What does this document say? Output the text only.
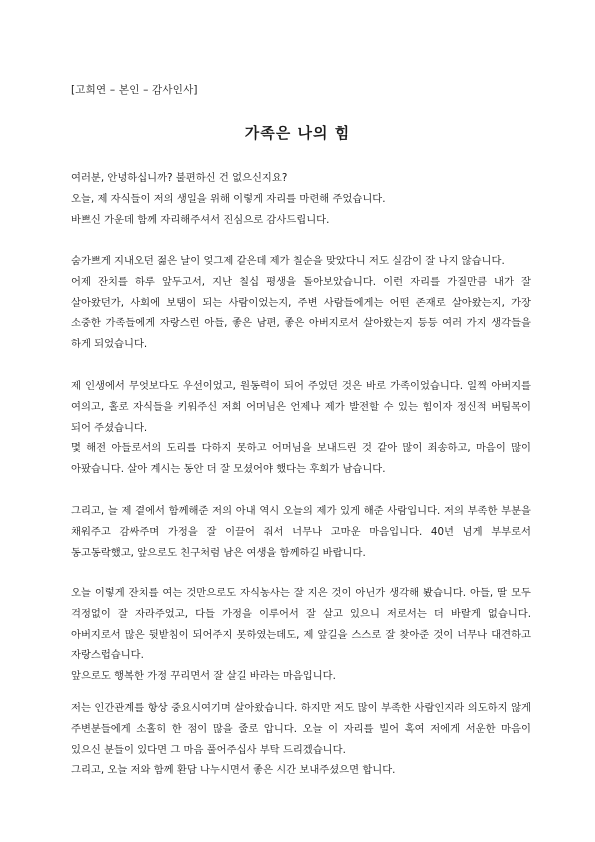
[고희연 – 본인 – 감사인사]
가족은 나의 힘

여러분, 안녕하십니까? 불편하신 건 없으신지요?
오늘, 제 자식들이 저의 생일을 위해 이렇게 자리를 마련해 주었습니다.
바쁘신 가운데 함께 자리해주셔서 진심으로 감사드립니다.

숨가쁘게 지내오던 젊은 날이 엊그제 같은데 제가 칠순을 맞았다니 저도 실감이 잘 나지 않습니다.
어제 잔치를 하루 앞두고서, 지난 칠십 평생을 돌아보았습니다. 이런 자리를 가질만큼 내가 잘 살아왔던가, 사회에 보탬이 되는 사람이었는지, 주변 사람들에게는 어떤 존재로 살아왔는지, 가장 소중한 가족들에게 자랑스런 아들, 좋은 남편, 좋은 아버지로서 살아왔는지 등등 여러 가지 생각들을 하게 되었습니다.

제 인생에서 무엇보다도 우선이었고, 원동력이 되어 주었던 것은 바로 가족이었습니다. 일찍 아버지를 여의고, 홀로 자식들을 키워주신 저희 어머님은 언제나 제가 발전할 수 있는 힘이자 정신적 버팀목이 되어 주셨습니다.
몇 해전 아들로서의 도리를 다하지 못하고 어머님을 보내드린 것 같아 많이 죄송하고, 마음이 많이 아팠습니다. 살아 계시는 동안 더 잘 모셨어야 했다는 후회가 남습니다.

그리고, 늘 제 곁에서 함께해준 저의 아내 역시 오늘의 제가 있게 해준 사람입니다. 저의 부족한 부분을 채워주고 감싸주며 가정을 잘 이끌어 줘서 너무나 고마운 마음입니다. 40년 넘게 부부로서 동고동락했고, 앞으로도 친구처럼 남은 여생을 함께하길 바랍니다.

오늘 이렇게 잔치를 여는 것만으로도 자식농사는 잘 지은 것이 아닌가 생각해 봤습니다. 아들, 딸 모두 걱정없이 잘 자라주었고, 다들 가정을 이루어서 잘 살고 있으니 저로서는 더 바랄게 없습니다. 아버지로서 많은 뒷받침이 되어주지 못하였는데도, 제 앞길을 스스로 잘 찾아준 것이 너무나 대견하고 자랑스럽습니다.
앞으로도 행복한 가정 꾸리면서 잘 살길 바라는 마음입니다.

저는 인간관계를 항상 중요시여기며 살아왔습니다. 하지만 저도 많이 부족한 사람인지라 의도하지 않게 주변분들에게 소홀히 한 점이 많을 줄로 압니다. 오늘 이 자리를 빌어 혹여 저에게 서운한 마음이 있으신 분들이 있다면 그 마음 풀어주십사 부탁 드리겠습니다.
그리고, 오늘 저와 함께 환담 나누시면서 좋은 시간 보내주셨으면 합니다.
